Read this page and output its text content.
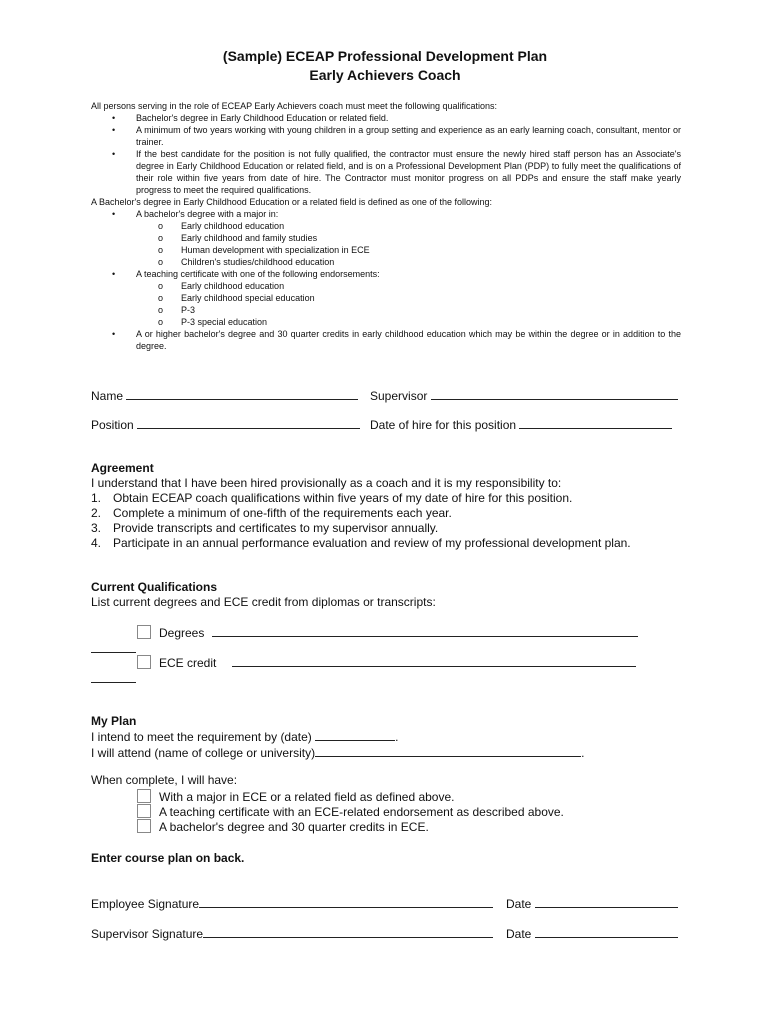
(Sample) ECEAP Professional Development Plan
Early Achievers Coach
All persons serving in the role of ECEAP Early Achievers coach must meet the following qualifications:
• Bachelor's degree in Early Childhood Education or related field.
• A minimum of two years working with young children in a group setting and experience as an early learning coach, consultant, mentor or trainer.
• If the best candidate for the position is not fully qualified, the contractor must ensure the newly hired staff person has an Associate's degree in Early Childhood Education or related field, and is on a Professional Development Plan (PDP) to fully meet the qualifications of their role within five years from date of hire. The Contractor must monitor progress on all PDPs and ensure the staff make yearly progress to meet the required qualifications.
A Bachelor's degree in Early Childhood Education or a related field is defined as one of the following:
• A bachelor's degree with a major in:
o Early childhood education
o Early childhood and family studies
o Human development with specialization in ECE
o Children's studies/childhood education
• A teaching certificate with one of the following endorsements:
o Early childhood education
o Early childhood special education
o P-3
o P-3 special education
• A or higher bachelor's degree and 30 quarter credits in early childhood education which may be within the degree or in addition to the degree.
Name	Supervisor
Position	Date of hire for this position
Agreement
I understand that I have been hired provisionally as a coach and it is my responsibility to:
1. Obtain ECEAP coach qualifications within five years of my date of hire for this position.
2. Complete a minimum of one-fifth of the requirements each year.
3. Provide transcripts and certificates to my supervisor annually.
4. Participate in an annual performance evaluation and review of my professional development plan.
Current Qualifications
List current degrees and ECE credit from diplomas or transcripts:
Degrees
ECE credit
My Plan
I intend to meet the requirement by (date)	.
I will attend (name of college or university)	.
When complete, I will have:
With a major in ECE or a related field as defined above.
A teaching certificate with an ECE-related endorsement as described above.
A bachelor's degree and 30 quarter credits in ECE.
Enter course plan on back.
Employee Signature	Date
Supervisor Signature	Date
